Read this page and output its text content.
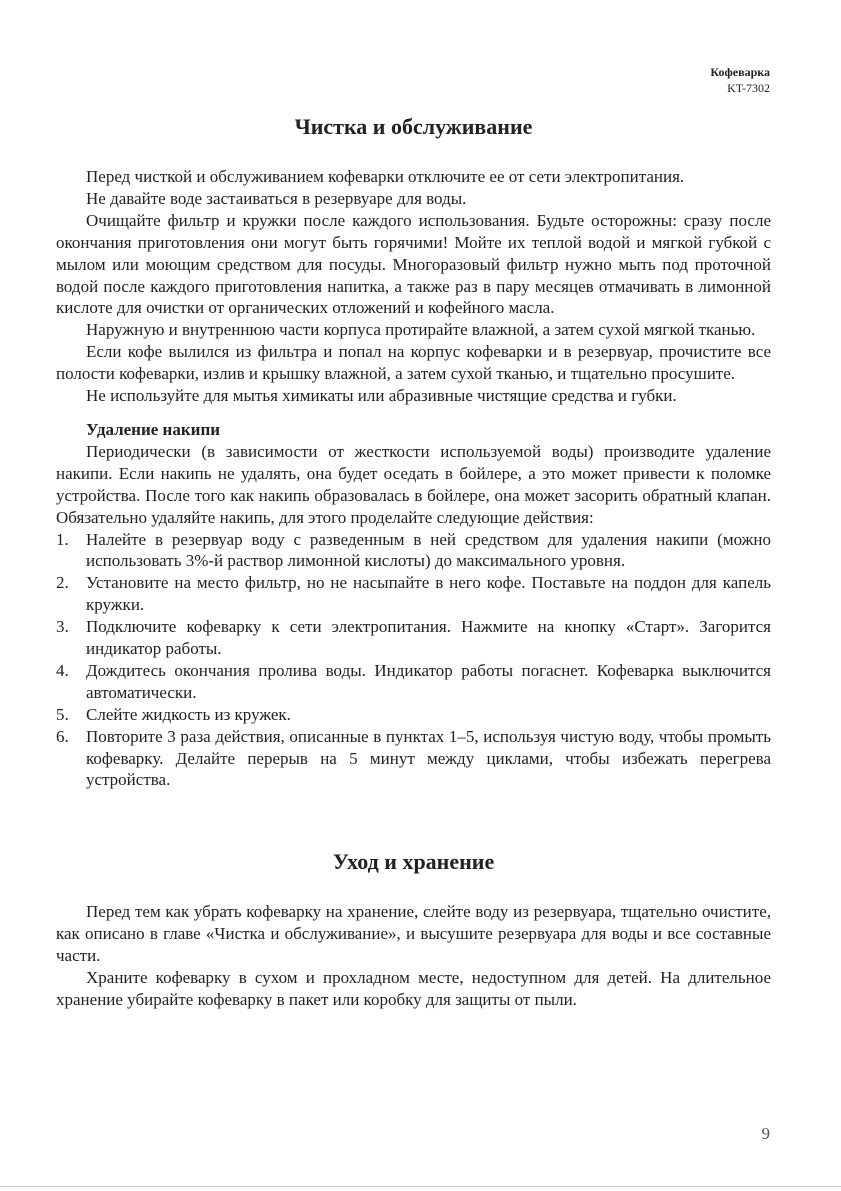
Кофеварка
KT-7302
Чистка и обслуживание

Перед чисткой и обслуживанием кофеварки отключите ее от сети электропитания.

Не давайте воде застаиваться в резервуаре для воды.

Очищайте фильтр и кружки после каждого использования. Будьте осторожны: сразу после окончания приготовления они могут быть горячими! Мойте их теплой водой и мягкой губкой с мылом или моющим средством для посуды. Многоразовый фильтр нужно мыть под проточной водой после каждого приготовления напитка, а также раз в пару месяцев отмачивать в лимонной кислоте для очистки от органических отложений и кофейного масла.

Наружную и внутреннюю части корпуса протирайте влажной, а затем сухой мягкой тканью.

Если кофе вылился из фильтра и попал на корпус кофеварки и в резервуар, прочистите все полости кофеварки, излив и крышку влажной, а затем сухой тканью, и тщательно просушите.

Не используйте для мытья химикаты или абразивные чистящие средства и губки.

Удаление накипи

Периодически (в зависимости от жесткости используемой воды) производите удаление накипи. Если накипь не удалять, она будет оседать в бойлере, а это может привести к поломке устройства. После того как накипь образовалась в бойлере, она может засорить обратный клапан. Обязательно удаляйте накипь, для этого проделайте следующие действия:

1.	Налейте в резервуар воду с разведенным в ней средством для удаления накипи (можно использовать 3%-й раствор лимонной кислоты) до максимального уровня.
2.	Установите на место фильтр, но не насыпайте в него кофе. Поставьте на поддон для капель кружки.
3.	Подключите кофеварку к сети электропитания. Нажмите на кнопку «Старт». Загорится индикатор работы.
4.	Дождитесь окончания пролива воды. Индикатор работы погаснет. Кофеварка выключится автоматически.
5.	Слейте жидкость из кружек.
6.	Повторите 3 раза действия, описанные в пунктах 1–5, используя чистую воду, чтобы промыть кофеварку. Делайте перерыв на 5 минут между циклами, чтобы избежать перегрева устройства.
Уход и хранение

Перед тем как убрать кофеварку на хранение, слейте воду из резервуара, тщательно очистите, как описано в главе «Чистка и обслуживание», и высушите резервуара для воды и все составные части.

Храните кофеварку в сухом и прохладном месте, недоступном для детей. На длительное хранение убирайте кофеварку в пакет или коробку для защиты от пыли.

9
